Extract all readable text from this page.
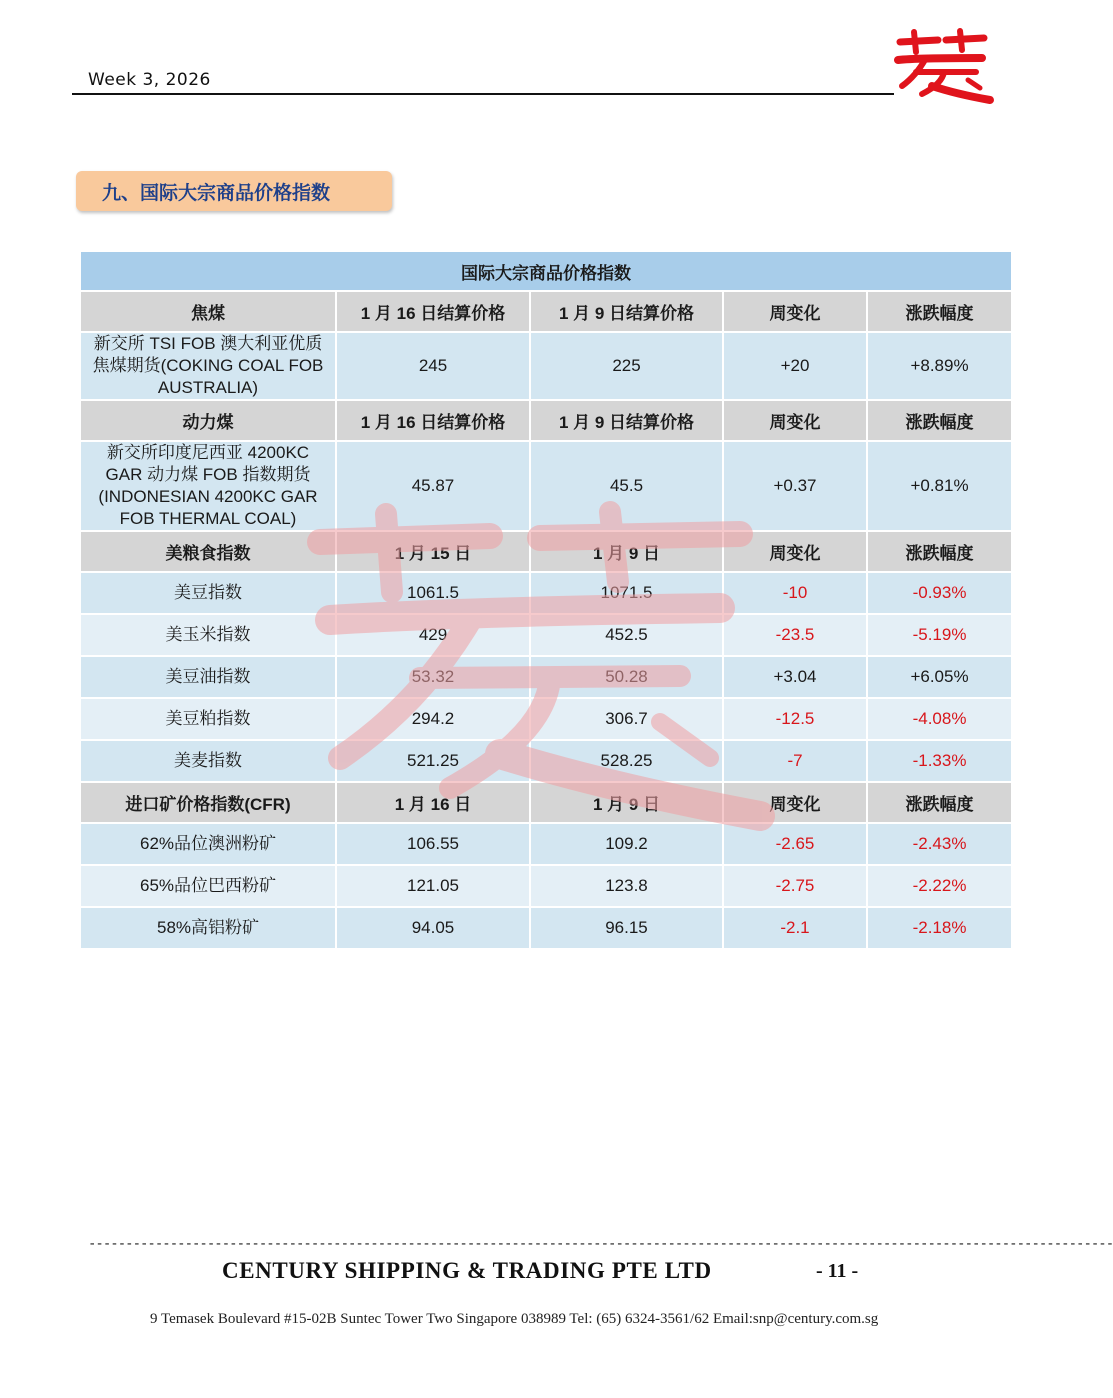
Week 3, 2026
九、国际大宗商品价格指数
国际大宗商品价格指数				
焦煤	1 月 16 日结算价格	1 月 9 日结算价格	周变化	涨跌幅度
新交所 TSI FOB 澳大利亚优质焦煤期货(COKING COAL FOB AUSTRALIA)	245	225	+20	+8.89%
动力煤	1 月 16 日结算价格	1 月 9 日结算价格	周变化	涨跌幅度
新交所印度尼西亚 4200KC GAR 动力煤 FOB 指数期货(INDONESIAN 4200KC GAR FOB THERMAL COAL)	45.87	45.5	+0.37	+0.81%
美粮食指数	1 月 15 日	1 月 9 日	周变化	涨跌幅度
美豆指数	1061.5	1071.5	-10	-0.93%
美玉米指数	429	452.5	-23.5	-5.19%
美豆油指数	53.32	50.28	+3.04	+6.05%
美豆粕指数	294.2	306.7	-12.5	-4.08%
美麦指数	521.25	528.25	-7	-1.33%
进口矿价格指数(CFR)	1 月 16 日	1 月 9 日	周变化	涨跌幅度
62%品位澳洲粉矿	106.55	109.2	-2.65	-2.43%
65%品位巴西粉矿	121.05	123.8	-2.75	-2.22%
58%高铝粉矿	94.05	96.15	-2.1	-2.18%
------------------------------------------------------------------------------------------------------------------------------------------
CENTURY SHIPPING & TRADING PTE LTD	- 11 -
9 Temasek Boulevard #15-02B Suntec Tower Two Singapore 038989 Tel: (65) 6324-3561/62 Email:snp@century.com.sg
